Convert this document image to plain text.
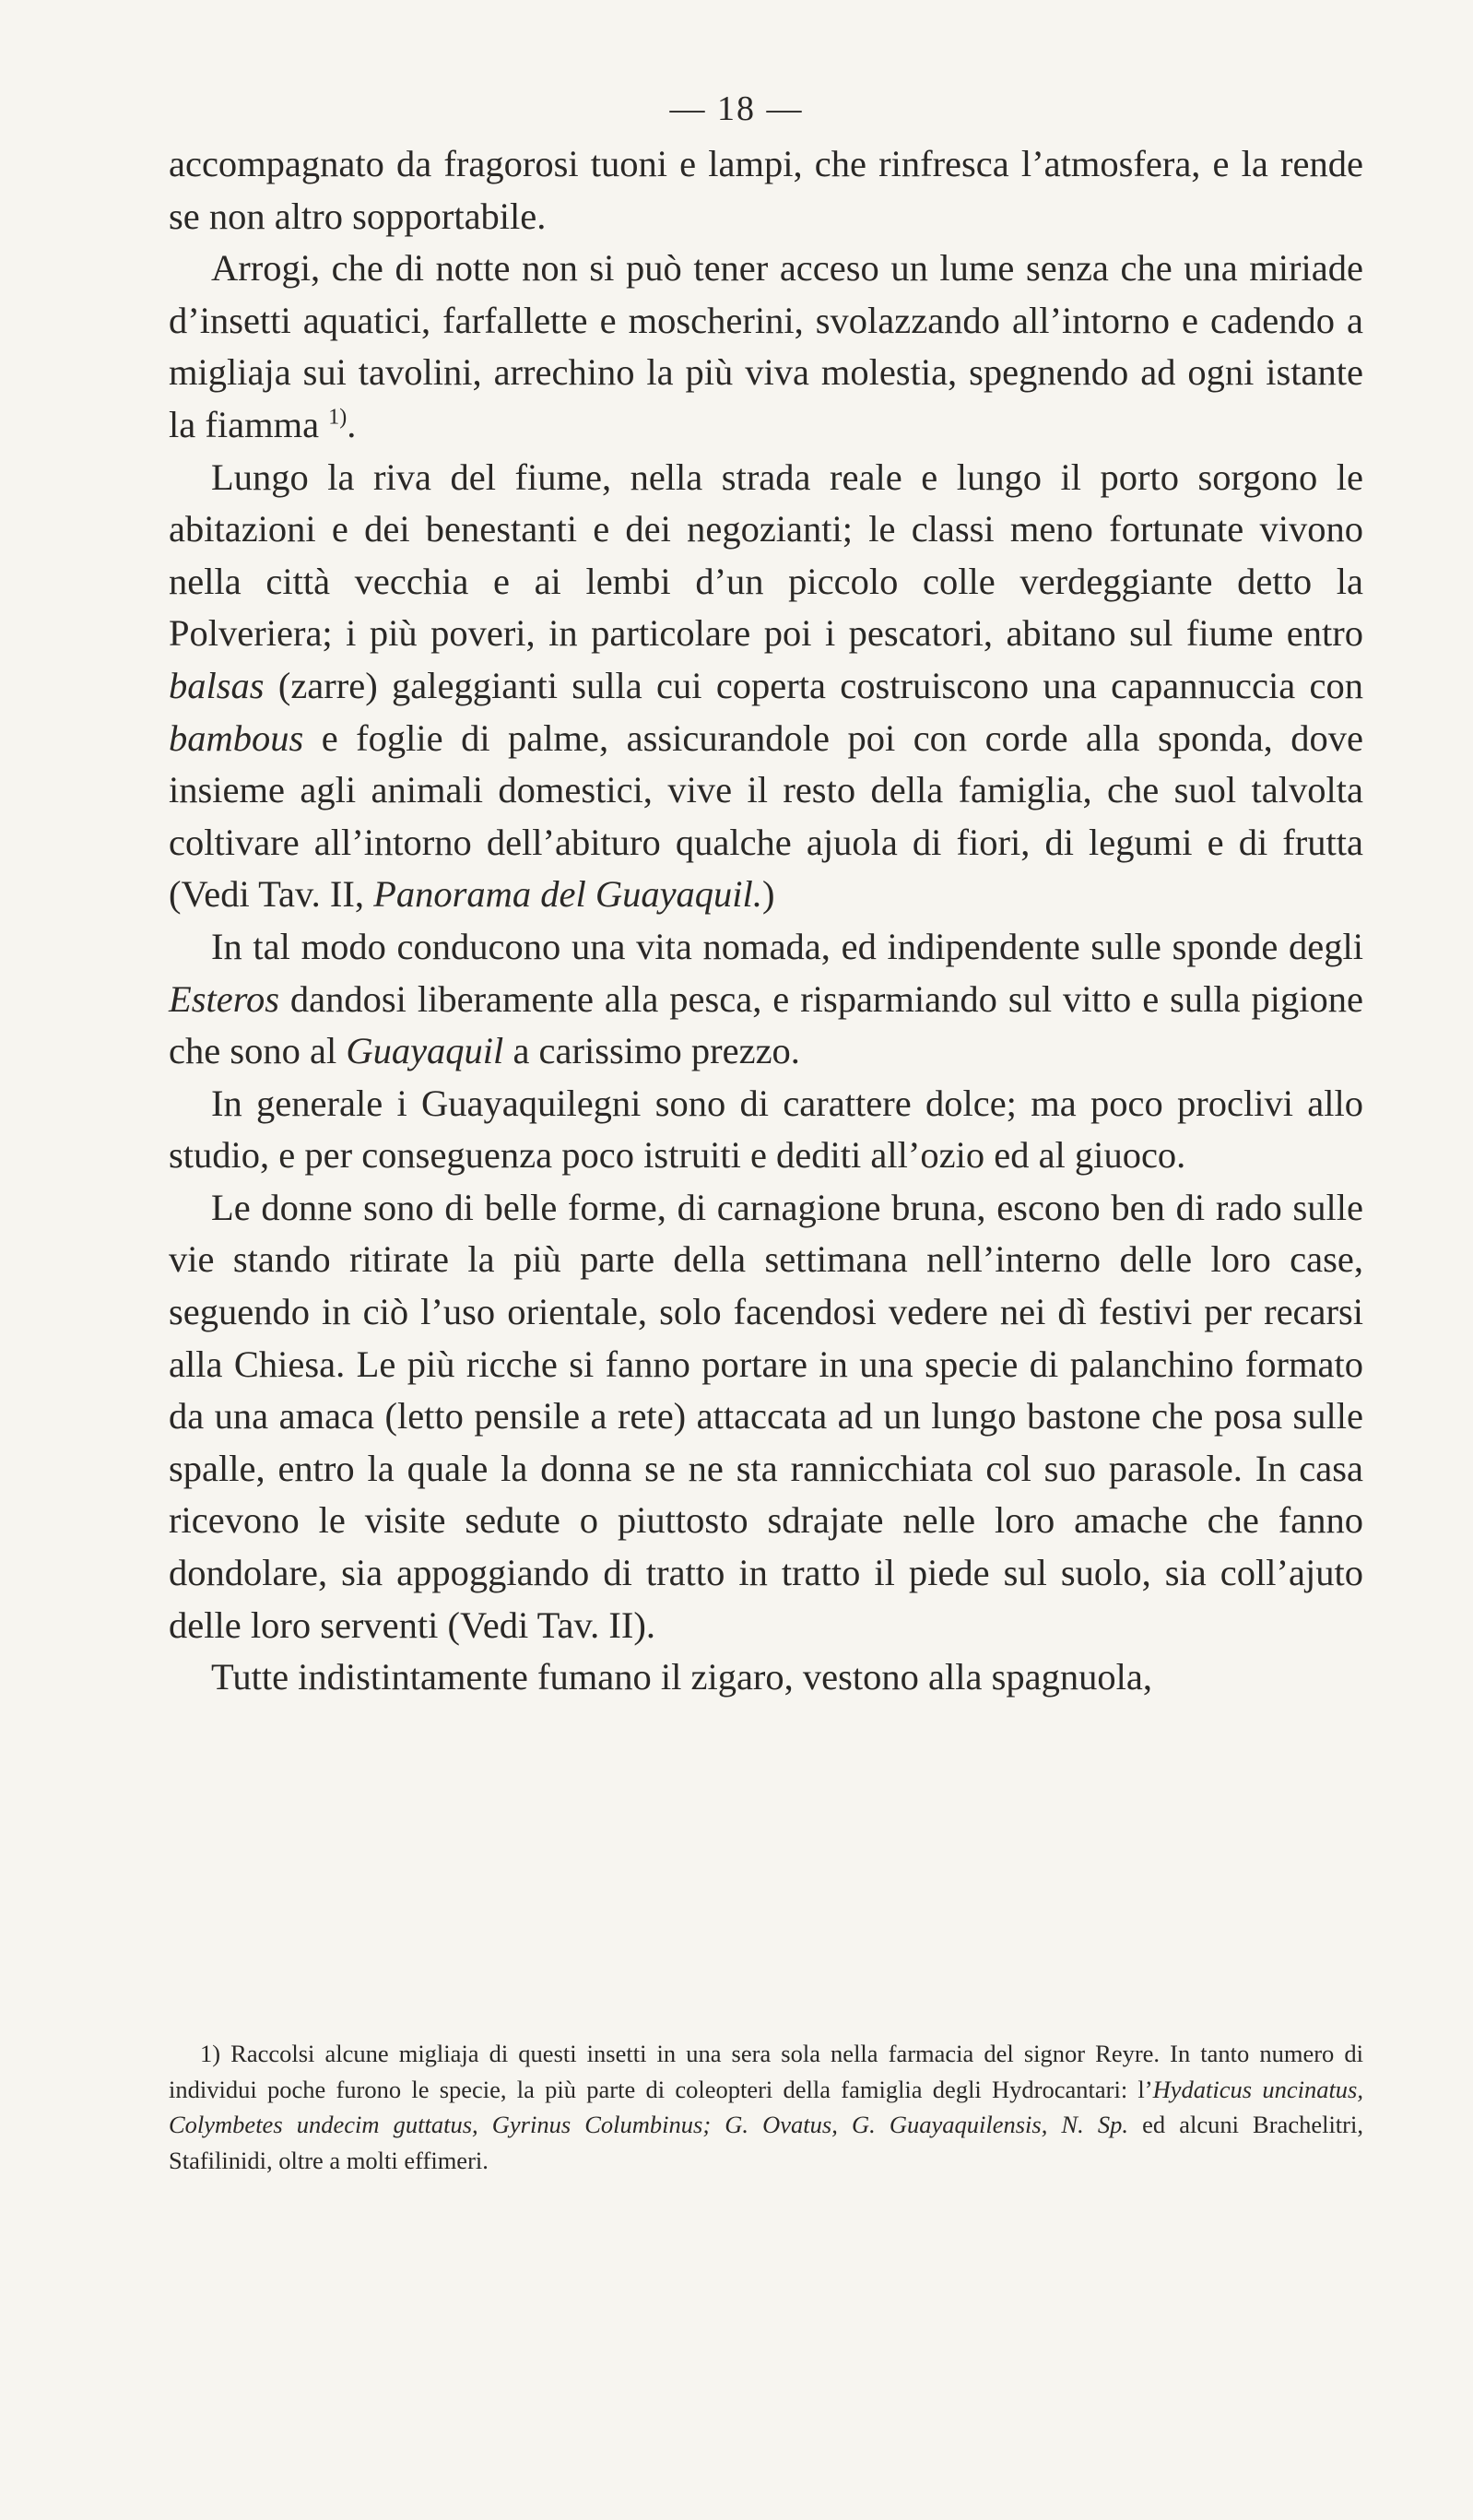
— 18 —

accompagnato da fragorosi tuoni e lampi, che rinfresca l’atmosfera, e la rende se non altro sopportabile.

Arrogi, che di notte non si può tener acceso un lume senza che una miriade d’insetti aquatici, farfallette e moscherini, svolazzando all’intorno e cadendo a migliaja sui tavolini, arrechino la più viva molestia, spegnendo ad ogni istante la fiamma $^{1)}$.

Lungo la riva del fiume, nella strada reale e lungo il porto sorgono le abitazioni e dei benestanti e dei negozianti; le classi meno fortunate vivono nella città vecchia e ai lembi d’un piccolo colle verdeggiante detto la Polveriera; i più poveri, in particolare poi i pescatori, abitano sul fiume entro balsas (zarre) galeggianti sulla cui coperta costruiscono una capannuccia con bambous e foglie di palme, assicurandole poi con corde alla sponda, dove insieme agli animali domestici, vive il resto della famiglia, che suol talvolta coltivare all’intorno dell’abituro qualche ajuola di fiori, di legumi e di frutta (Vedi Tav. II, Panorama del Guayaquil.)

In tal modo conducono una vita nomada, ed indipendente sulle sponde degli Esteros dandosi liberamente alla pesca, e risparmiando sul vitto e sulla pigione che sono al Guayaquil a carissimo prezzo.

In generale i Guayaquilegni sono di carattere dolce; ma poco proclivi allo studio, e per conseguenza poco istruiti e dediti all’ozio ed al giuoco.

Le donne sono di belle forme, di carnagione bruna, escono ben di rado sulle vie stando ritirate la più parte della settimana nell’interno delle loro case, seguendo in ciò l’uso orientale, solo facendosi vedere nei dì festivi per recarsi alla Chiesa. Le più ricche si fanno portare in una specie di palanchino formato da una amaca (letto pensile a rete) attaccata ad un lungo bastone che posa sulle spalle, entro la quale la donna se ne sta rannicchiata col suo parasole. In casa ricevono le visite sedute o piuttosto sdrajate nelle loro amache che fanno dondolare, sia appoggiando di tratto in tratto il piede sul suolo, sia coll’ajuto delle loro serventi (Vedi Tav. II).

Tutte indistintamente fumano il zigaro, vestono alla spagnuola,

1) Raccolsi alcune migliaja di questi insetti in una sera sola nella farmacia del signor Reyre. In tanto numero di individui poche furono le specie, la più parte di coleopteri della famiglia degli Hydrocantari: l’Hydaticus uncinatus, Colymbetes undecim guttatus, Gyrinus Columbinus; G. Ovatus, G. Guayaquilensis, N. Sp. ed alcuni Brachelitri, Stafilinidi, oltre a molti effimeri.
